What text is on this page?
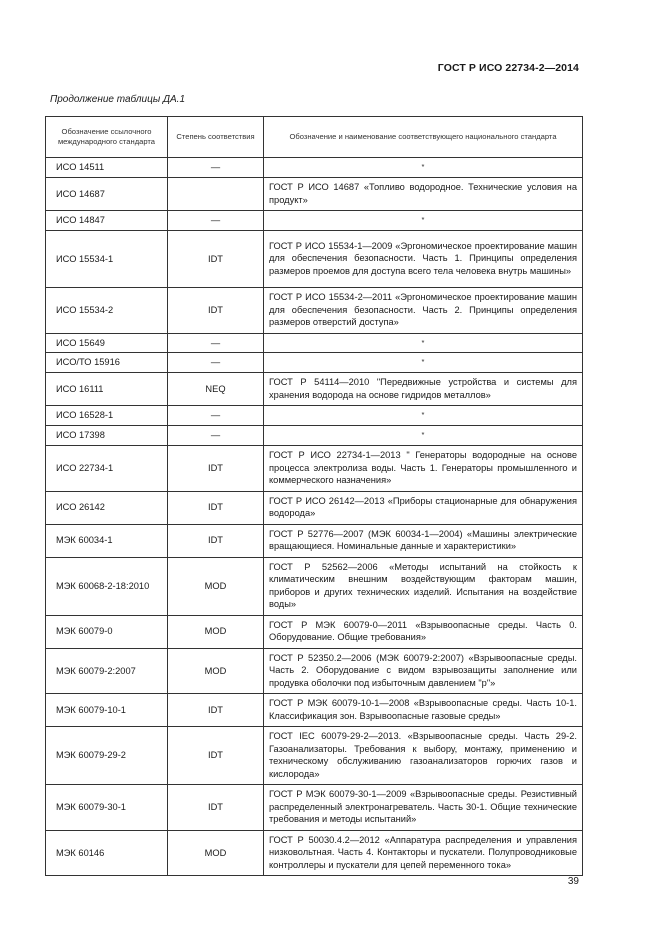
ГОСТ Р ИСО 22734-2—2014
Продолжение таблицы ДА.1
Обозначение ссылочного международного стандарта	Степень соответствия	Обозначение и наименование соответствующего национального стандарта
ИСО 14511	—	*
ИСО 14687		ГОСТ Р ИСО 14687 «Топливо водородное. Технические условия на продукт»
ИСО 14847	—	*
ИСО 15534-1	IDT	ГОСТ Р ИСО 15534-1—2009 «Эргономическое проектирование машин для обеспечения безопасности. Часть 1. Принципы определения размеров проемов для доступа всего тела человека внутрь машины»
ИСО 15534-2	IDT	ГОСТ Р ИСО 15534-2—2011 «Эргономическое проектирование машин для обеспечения безопасности. Часть 2. Принципы определения размеров отверстий доступа»
ИСО 15649	—	*
ИСО/ТО 15916	—	*
ИСО 16111	NEQ	ГОСТ Р 54114—2010 "Передвижные устройства и системы для хранения водорода на основе гидридов металлов»
ИСО 16528-1	—	*
ИСО 17398	—	*
ИСО 22734-1	IDT	ГОСТ Р ИСО 22734-1—2013 " Генераторы водородные на основе процесса электролиза воды. Часть 1. Генераторы промышленного и коммерческого назначения»
ИСО 26142	IDT	ГОСТ Р ИСО 26142—2013 «Приборы стационарные для обнаружения водорода»
МЭК 60034-1	IDT	ГОСТ Р 52776—2007 (МЭК 60034-1—2004) «Машины электрические вращающиеся. Номинальные данные и характеристики»
МЭК 60068-2-18:2010	MOD	ГОСТ Р 52562—2006 «Методы испытаний на стойкость к климатическим внешним воздействующим факторам машин, приборов и других технических изделий. Испытания на воздействие воды»
МЭК 60079-0	MOD	ГОСТ Р МЭК 60079-0—2011 «Взрывоопасные среды. Часть 0. Оборудование. Общие требования»
МЭК 60079-2:2007	MOD	ГОСТ Р 52350.2—2006 (МЭК 60079-2:2007) «Взрывоопасные среды. Часть 2. Оборудование с видом взрывозащиты заполнение или продувка оболочки под избыточным давлением "р"»
МЭК 60079-10-1	IDT	ГОСТ Р МЭК 60079-10-1—2008 «Взрывоопасные среды. Часть 10-1. Классификация зон. Взрывоопасные газовые среды»
МЭК 60079-29-2	IDT	ГОСТ IEC 60079-29-2—2013. «Взрывоопасные среды. Часть 29-2. Газоанализаторы. Требования к выбору, монтажу, применению и техническому обслуживанию газоанализаторов горючих газов и кислорода»
МЭК 60079-30-1	IDT	ГОСТ Р МЭК 60079-30-1—2009 «Взрывоопасные среды. Резистивный распределенный электронагреватель. Часть 30-1. Общие технические требования и методы испытаний»
МЭК 60146	MOD	ГОСТ Р 50030.4.2—2012 «Аппаратура распределения и управления низковольтная. Часть 4. Контакторы и пускатели. Полупроводниковые контроллеры и пускатели для цепей переменного тока»
39
